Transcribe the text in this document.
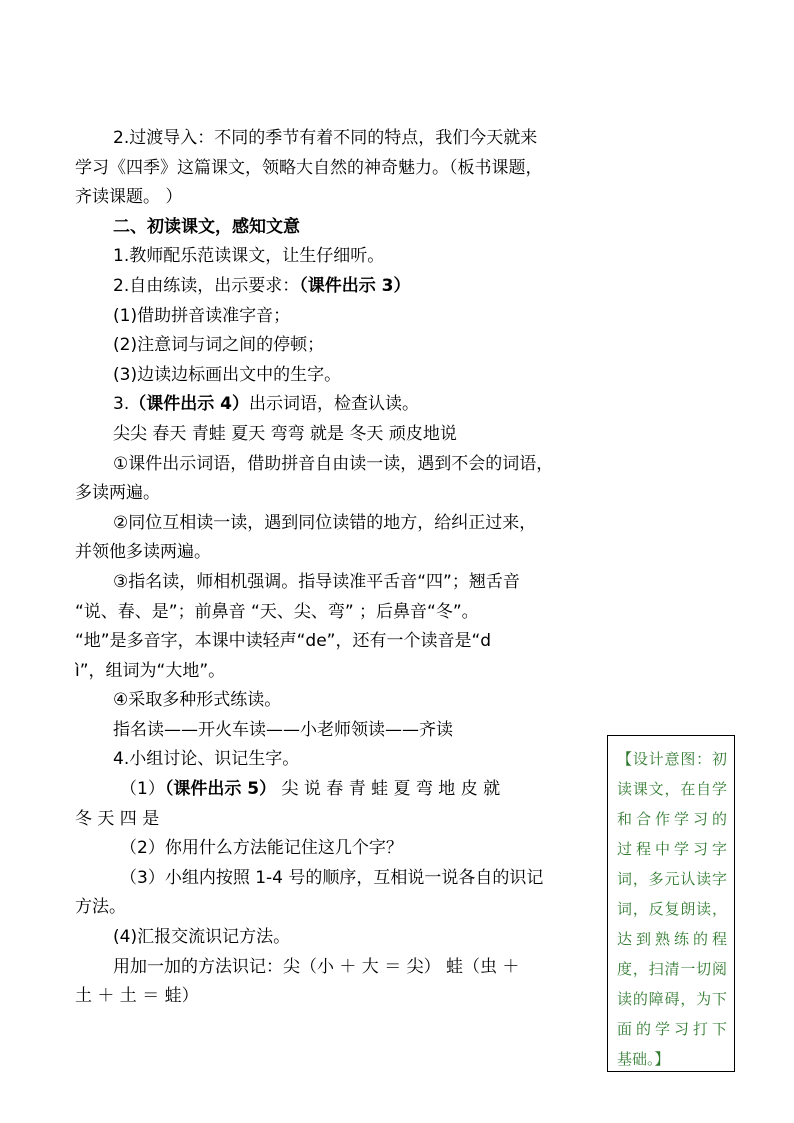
2.过渡导入：不同的季节有着不同的特点，我们今天就来
学习《四季》这篇课文，领略大自然的神奇魅力。（板书课题，
齐读课题。 ）
二、初读课文，感知文意
1.教师配乐范读课文，让生仔细听。
2.自由练读，出示要求：（课件出示 3）
(1)借助拼音读准字音；
(2)注意词与词之间的停顿；
(3)边读边标画出文中的生字。
3.（课件出示 4）出示词语，检查认读。
尖尖 春天 青蛙 夏天 弯弯 就是 冬天 顽皮地说
①课件出示词语，借助拼音自由读一读，遇到不会的词语，
多读两遍。
②同位互相读一读，遇到同位读错的地方，给纠正过来，
并领他多读两遍。
③指名读，师相机强调。指导读准平舌音“四”；翘舌音
“说、春、是”；前鼻音 “天、尖、弯” ；后鼻音“冬”。
“地”是多音字，本课中读轻声“de”，还有一个读音是“d
ì”，组词为“大地”。
④采取多种形式练读。
指名读——开火车读——小老师领读——齐读
4.小组讨论、识记生字。
（1）（课件出示 5） 尖 说 春 青 蛙 夏 弯 地 皮 就
冬 天 四 是
（2）你用什么方法能记住这几个字？
（3）小组内按照 1-4 号的顺序，互相说一说各自的识记
方法。
(4)汇报交流识记方法。
用加一加的方法识记：尖（小 ＋ 大 ＝ 尖） 蛙（虫 ＋
土 ＋ 土 ＝ 蛙）
【设计意图：初
读课文，在自学
和合作学习的
过程中学习字
词，多元认读字
词，反复朗读，
达到熟练的程
度，扫清一切阅
读的障碍，为下
面的学习打下
基础。】
